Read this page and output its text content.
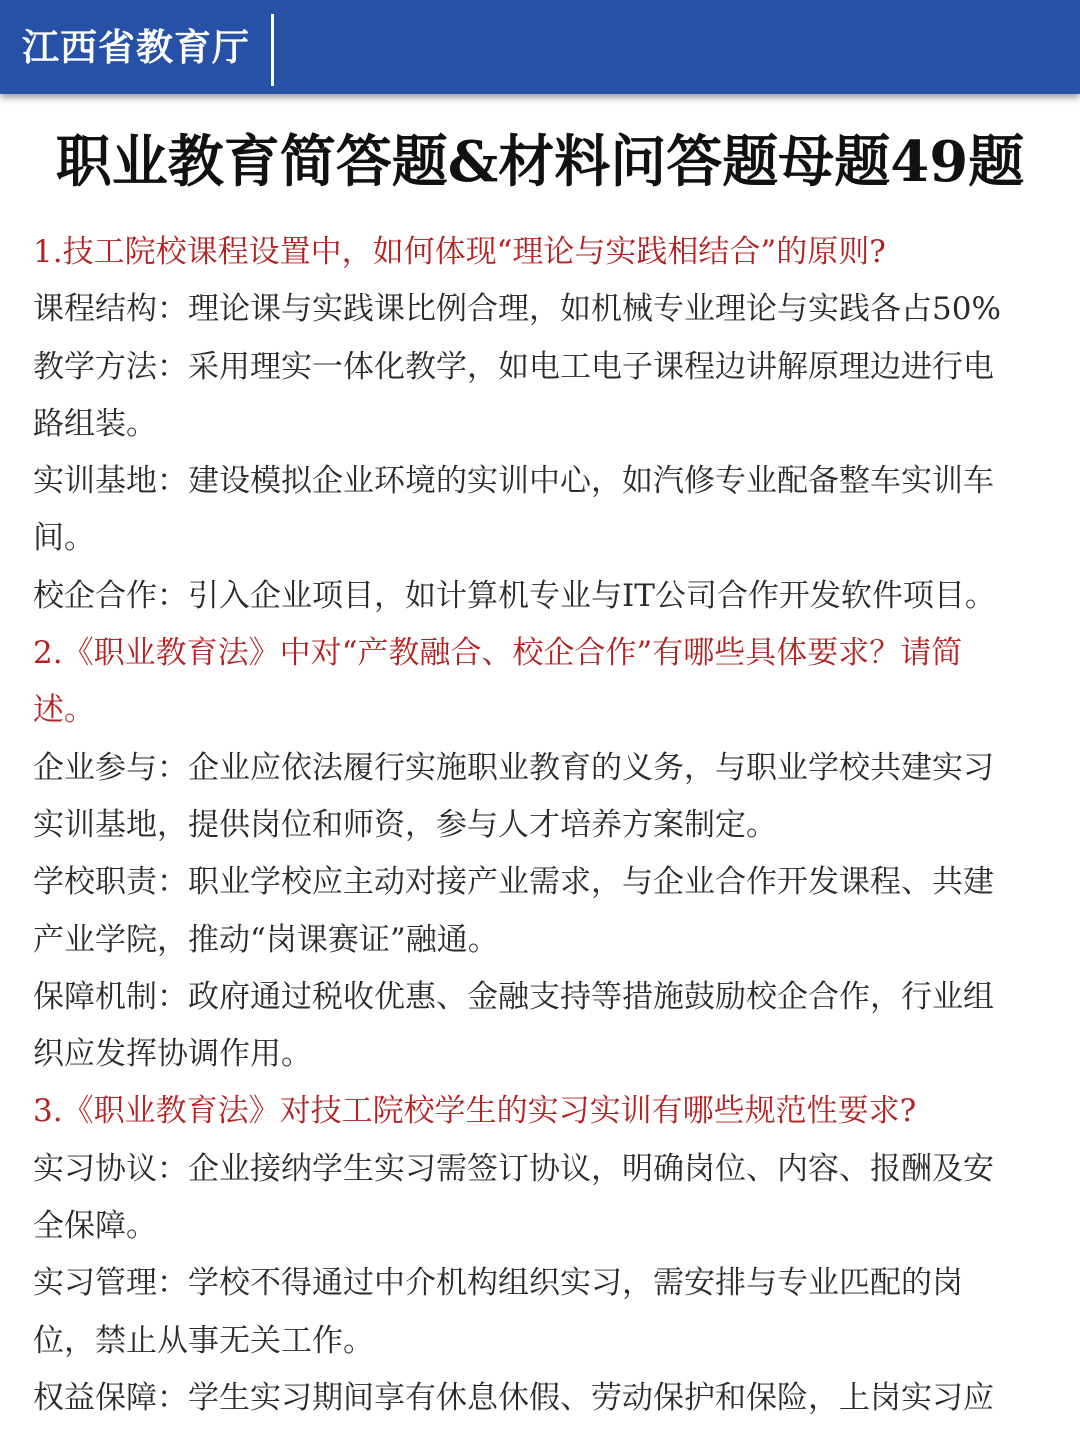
江西省教育厅
职业教育简答题&材料问答题母题49题

1.技工院校课程设置中，如何体现“理论与实践相结合”的原则?

课程结构：理论课与实践课比例合理，如机械专业理论与实践各占50%

教学方法：采用理实一体化教学，如电工电子课程边讲解原理边进行电

路组装。

实训基地：建设模拟企业环境的实训中心，如汽修专业配备整车实训车

间。

校企合作：引入企业项目，如计算机专业与IT公司合作开发软件项目。

2.《职业教育法》中对“产教融合、校企合作”有哪些具体要求？请简

述。

企业参与：企业应依法履行实施职业教育的义务，与职业学校共建实习

实训基地，提供岗位和师资，参与人才培养方案制定。

学校职责：职业学校应主动对接产业需求，与企业合作开发课程、共建

产业学院，推动“岗课赛证”融通。

保障机制：政府通过税收优惠、金融支持等措施鼓励校企合作，行业组

织应发挥协调作用。

3.《职业教育法》对技工院校学生的实习实训有哪些规范性要求?

实习协议：企业接纳学生实习需签订协议，明确岗位、内容、报酬及安

全保障。

实习管理：学校不得通过中介机构组织实习，需安排与专业匹配的岗

位，禁止从事无关工作。

权益保障：学生实习期间享有休息休假、劳动保护和保险，上岗实习应
